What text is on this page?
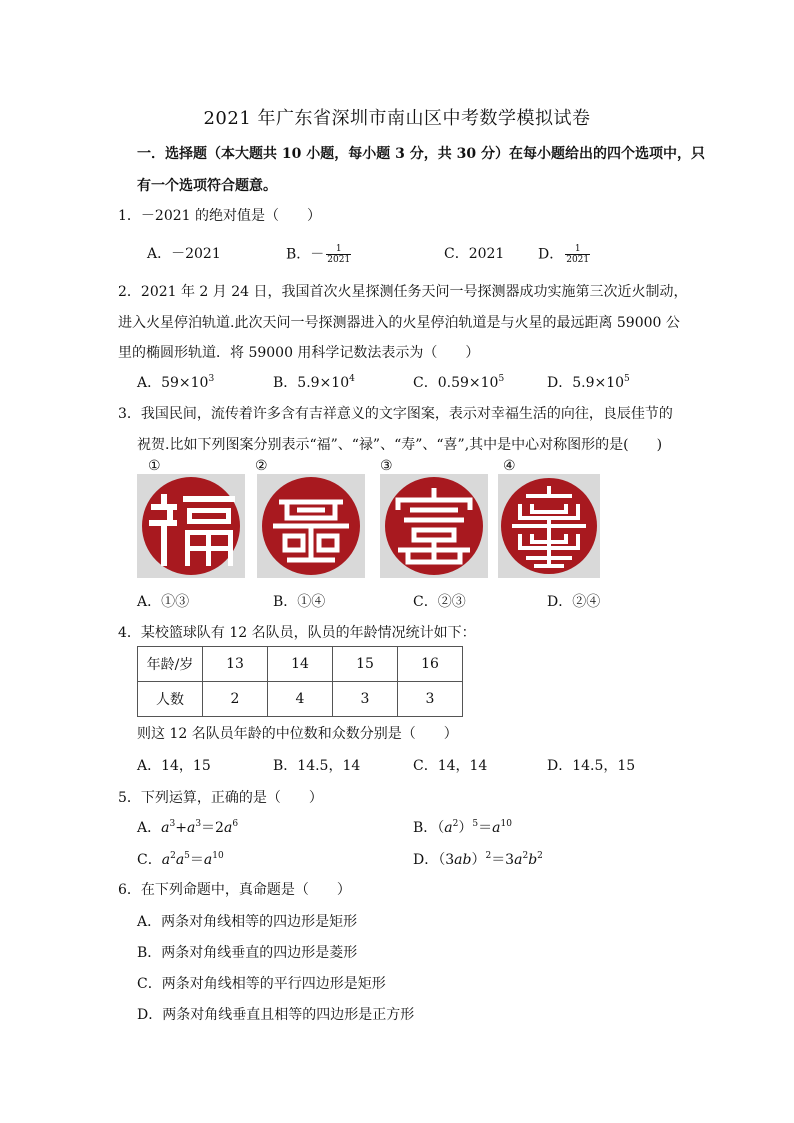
2021 年广东省深圳市南山区中考数学模拟试卷
一．选择题（本大题共 10 小题，每小题 3 分，共 30 分）在每小题给出的四个选项中，只
有一个选项符合题意。
1．－2021 的绝对值是（　　）
A．－2021	B．－ $\frac{1}{2021}$	C．2021 D． $\frac{1}{2021}$
2．2021 年 2 月 24 日，我国首次火星探测任务天问一号探测器成功实施第三次近火制动，
进入火星停泊轨道.此次天问一号探测器进入的火星停泊轨道是与火星的最远距离 59000 公
里的椭圆形轨道．将 59000 用科学记数法表示为（　　）
A．$59\times 10^3$	B．$5.9\times 10^4$	C．$0.59\times 10^5$	D．$5.9\times 10^5$
3．我国民间，流传着许多含有吉祥意义的文字图案，表示对幸福生活的向往，良辰佳节的
祝贺.比如下列图案分别表示“福”、“禄”、“寿”、“喜”,其中是中心对称图形的是(　　)
①	②	③	④
A．①③	B．①④	C．②③	D．②④
4．某校篮球队有 12 名队员，队员的年龄情况统计如下：
年龄/岁	13	14	15	16
人数	2	4	3	3
则这 12 名队员年龄的中位数和众数分别是（　　）
A．14，15	B．14.5，14	C．14，14	D．14.5，15
5．下列运算，正确的是（　　）
A．$a^3+a^3=2a^6$	B．$(a^2)^5=a^{10}$
C．$a^2a^5=a^{10}$	D．$(3ab)^2=3a^2b^2$
6．在下列命题中，真命题是（　　）
A．两条对角线相等的四边形是矩形
B．两条对角线垂直的四边形是菱形
C．两条对角线相等的平行四边形是矩形
D．两条对角线垂直且相等的四边形是正方形
